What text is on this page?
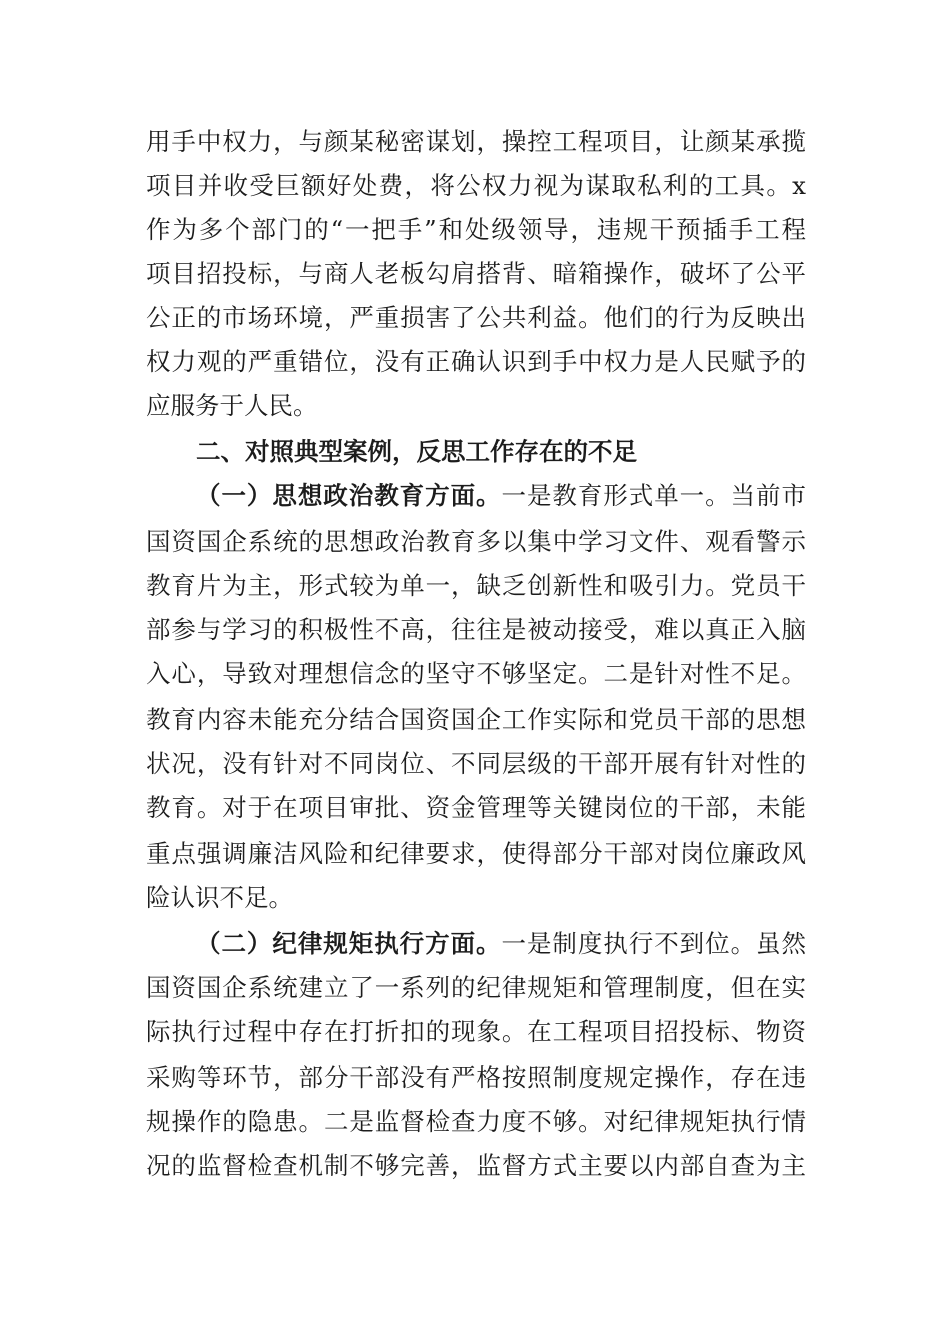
用手中权力，与颜某秘密谋划，操控工程项目，让颜某承揽
项目并收受巨额好处费，将公权力视为谋取私利的工具。x
作为多个部门的“一把手”和处级领导，违规干预插手工程
项目招投标，与商人老板勾肩搭背、暗箱操作，破坏了公平
公正的市场环境，严重损害了公共利益。他们的行为反映出
权力观的严重错位，没有正确认识到手中权力是人民赋予的
应服务于人民。
二、对照典型案例，反思工作存在的不足
（一）思想政治教育方面。一是教育形式单一。当前市
国资国企系统的思想政治教育多以集中学习文件、观看警示
教育片为主，形式较为单一，缺乏创新性和吸引力。党员干
部参与学习的积极性不高，往往是被动接受，难以真正入脑
入心，导致对理想信念的坚守不够坚定。二是针对性不足。
教育内容未能充分结合国资国企工作实际和党员干部的思想
状况，没有针对不同岗位、不同层级的干部开展有针对性的
教育。对于在项目审批、资金管理等关键岗位的干部，未能
重点强调廉洁风险和纪律要求，使得部分干部对岗位廉政风
险认识不足。
（二）纪律规矩执行方面。一是制度执行不到位。虽然
国资国企系统建立了一系列的纪律规矩和管理制度，但在实
际执行过程中存在打折扣的现象。在工程项目招投标、物资
采购等环节，部分干部没有严格按照制度规定操作，存在违
规操作的隐患。二是监督检查力度不够。对纪律规矩执行情
况的监督检查机制不够完善，监督方式主要以内部自查为主
